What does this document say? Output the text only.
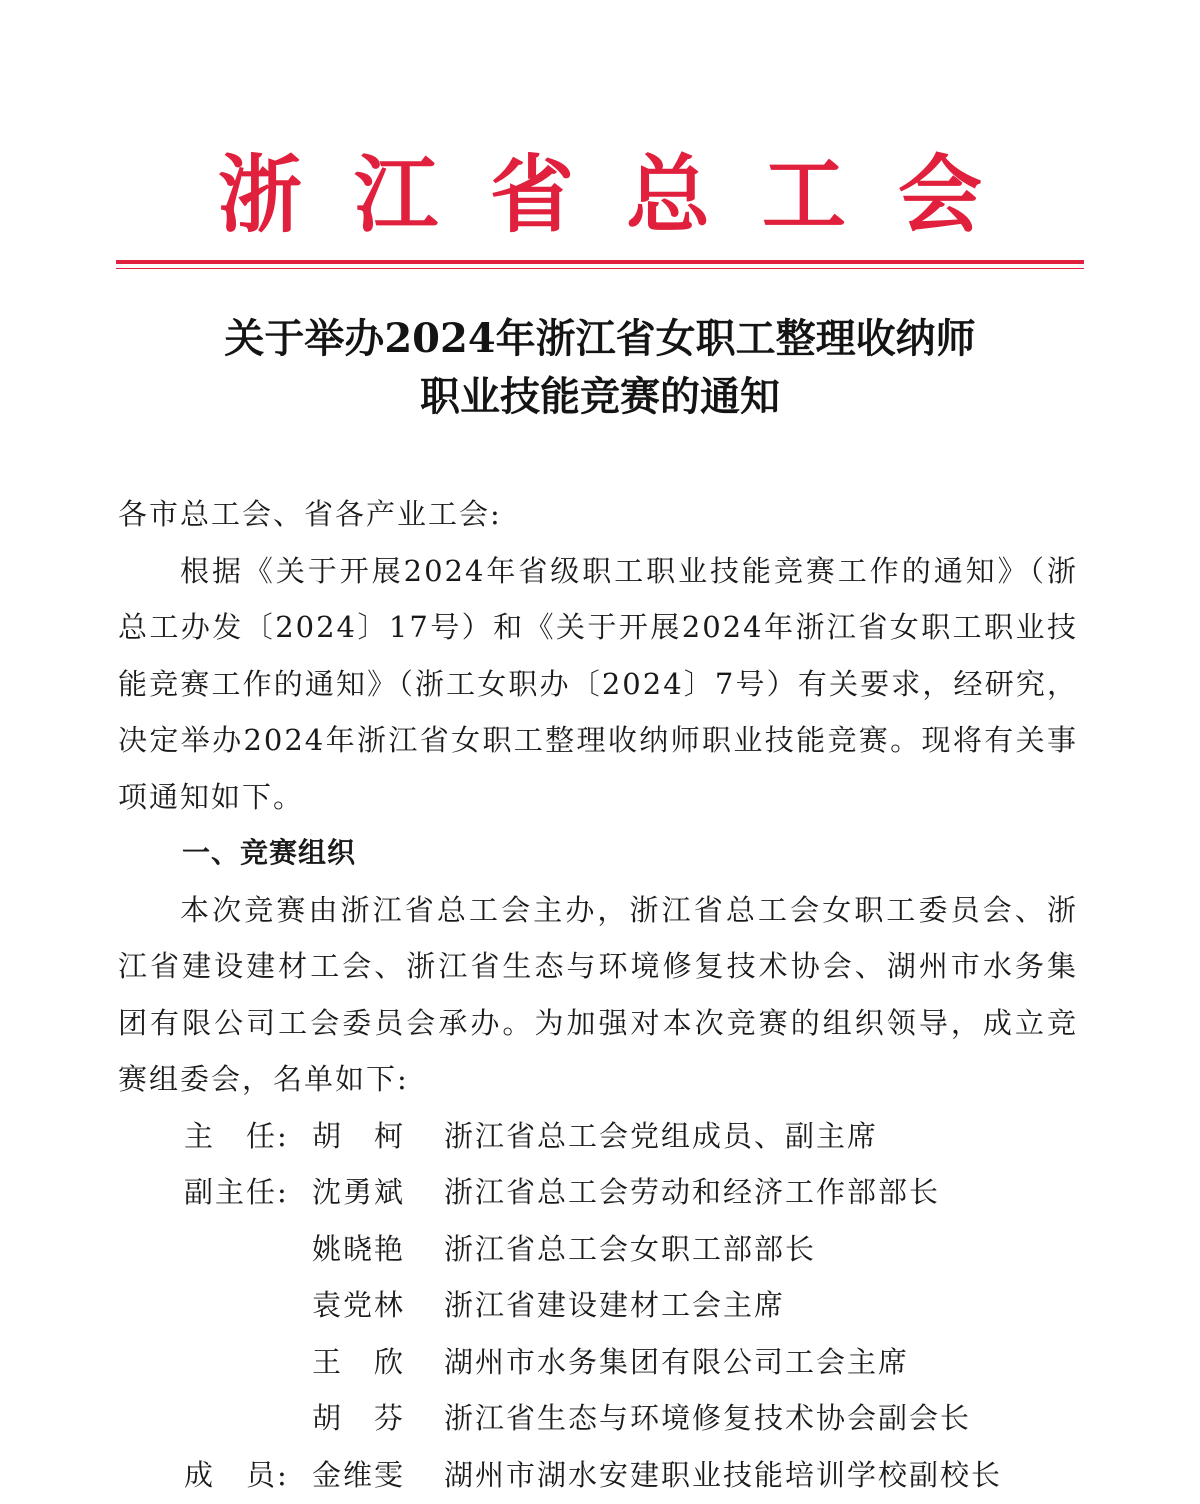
浙江省总工会
关于举办2024年浙江省女职工整理收纳师
职业技能竞赛的通知

各市总工会、省各产业工会:

根据《关于开展2024年省级职工职业技能竞赛工作的通知》（浙总工办发〔2024〕17号）和《关于开展2024年浙江省女职工职业技能竞赛工作的通知》（浙工女职办〔2024〕7号）有关要求，经研究，决定举办2024年浙江省女职工整理收纳师职业技能竞赛。现将有关事项通知如下。

一、竞赛组织

本次竞赛由浙江省总工会主办，浙江省总工会女职工委员会、浙江省建设建材工会、浙江省生态与环境修复技术协会、湖州市水务集团有限公司工会委员会承办。为加强对本次竞赛的组织领导，成立竞赛组委会，名单如下:

主　任: 胡　柯	浙江省总工会党组成员、副主席
副主任: 沈勇斌	浙江省总工会劳动和经济工作部部长
姚晓艳	浙江省总工会女职工部部长
袁党林	浙江省建设建材工会主席
王　欣	湖州市水务集团有限公司工会主席
胡　芬	浙江省生态与环境修复技术协会副会长
成　员: 金维雯	湖州市湖水安建职业技能培训学校副校长
